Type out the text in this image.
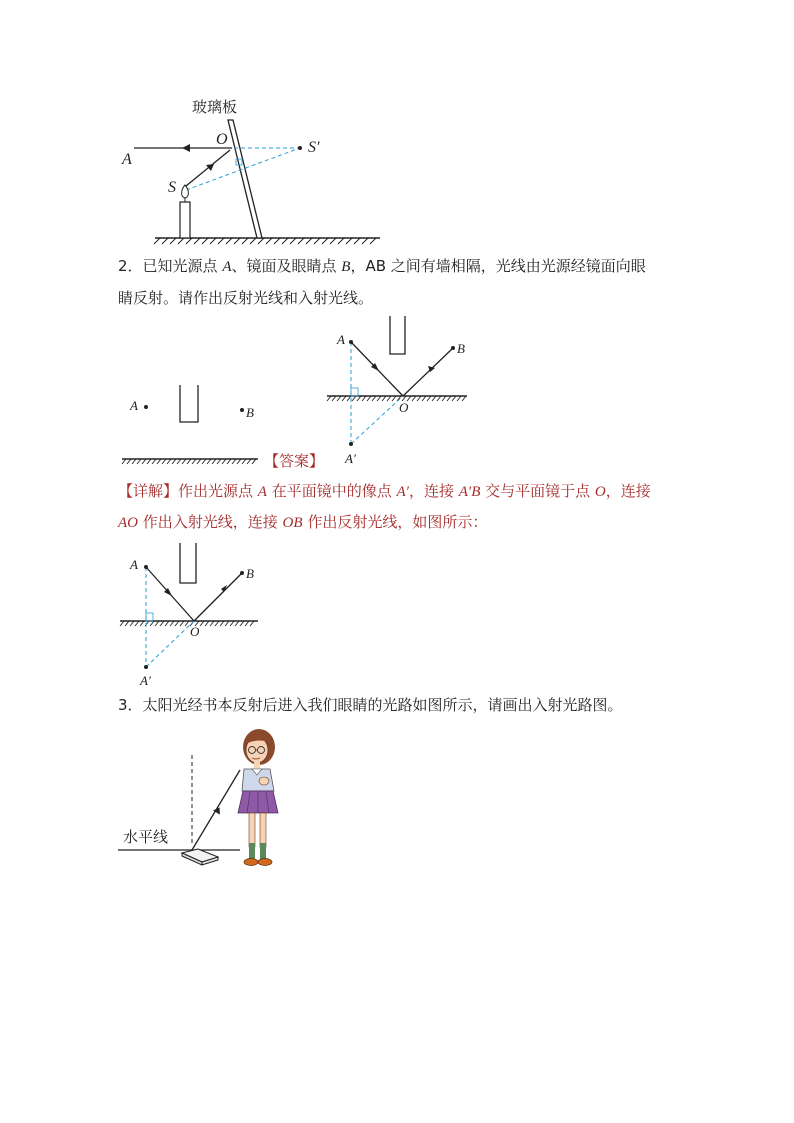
玻璃板
A
O
S
S′
2．已知光源点 A、镜面及眼睛点 B，AB 之间有墙相隔，光线由光源经镜面向眼
睛反射。请作出反射光线和入射光线。
A	B
【答案】
A
B
O
A′
【详解】作出光源点 A 在平面镜中的像点 A′，连接 A′B 交与平面镜于点 O，连接
AO 作出入射光线，连接 OB 作出反射光线，如图所示：
A
B
O
A′
3．太阳光经书本反射后进入我们眼睛的光路如图所示，请画出入射光路图。
水平线
